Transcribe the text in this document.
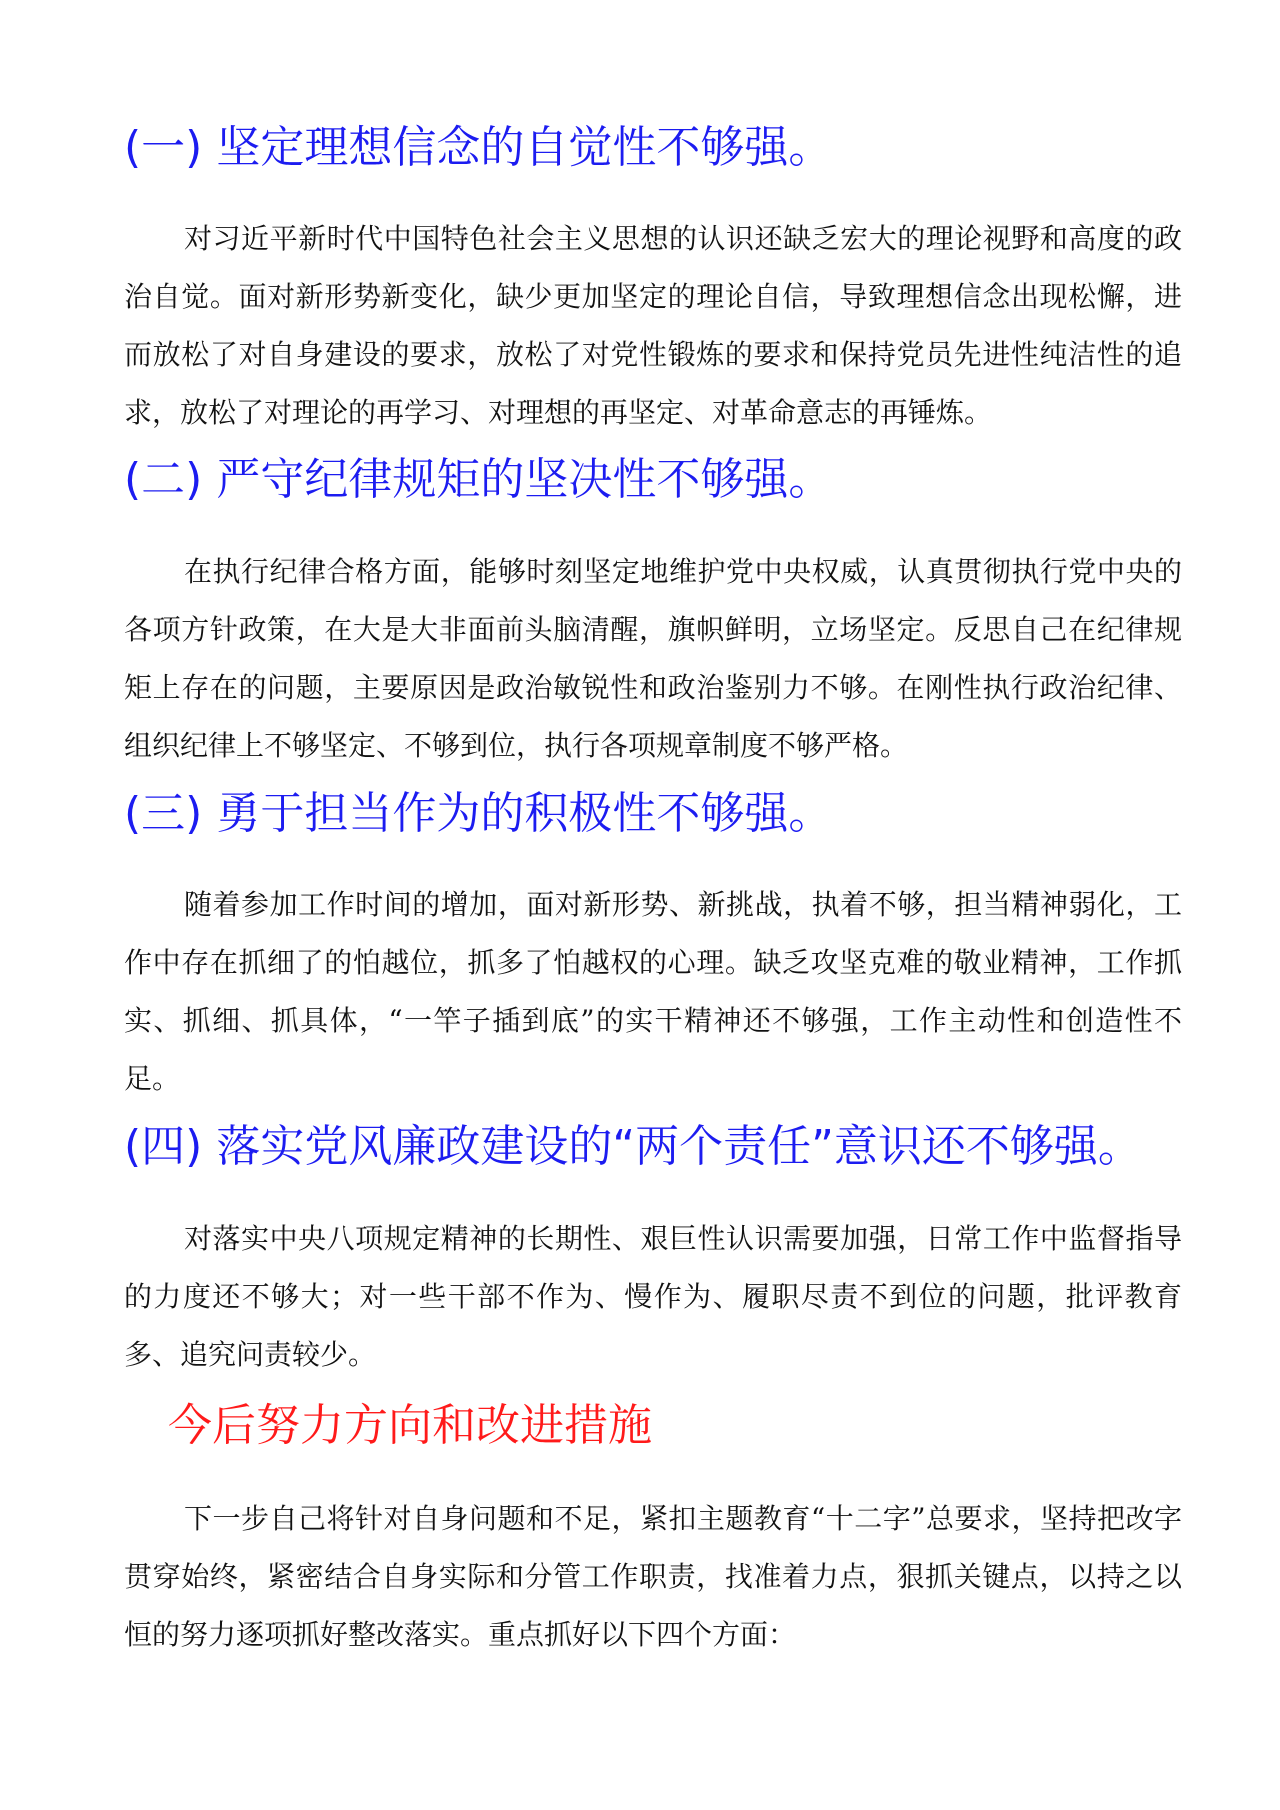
(一) 坚定理想信念的自觉性不够强。

对习近平新时代中国特色社会主义思想的认识还缺乏宏大的理论视野和高度的政治自觉。面对新形势新变化，缺少更加坚定的理论自信，导致理想信念出现松懈，进而放松了对自身建设的要求，放松了对党性锻炼的要求和保持党员先进性纯洁性的追求，放松了对理论的再学习、对理想的再坚定、对革命意志的再锤炼。

(二) 严守纪律规矩的坚决性不够强。

在执行纪律合格方面，能够时刻坚定地维护党中央权威，认真贯彻执行党中央的各项方针政策，在大是大非面前头脑清醒，旗帜鲜明，立场坚定。反思自己在纪律规矩上存在的问题，主要原因是政治敏锐性和政治鉴别力不够。在刚性执行政治纪律、组织纪律上不够坚定、不够到位，执行各项规章制度不够严格。

(三) 勇于担当作为的积极性不够强。

随着参加工作时间的增加，面对新形势、新挑战，执着不够，担当精神弱化，工作中存在抓细了的怕越位，抓多了怕越权的心理。缺乏攻坚克难的敬业精神，工作抓实、抓细、抓具体，“一竿子插到底”的实干精神还不够强，工作主动性和创造性不足。

(四) 落实党风廉政建设的“两个责任”意识还不够强。

对落实中央八项规定精神的长期性、艰巨性认识需要加强，日常工作中监督指导的力度还不够大；对一些干部不作为、慢作为、履职尽责不到位的问题，批评教育多、追究问责较少。

今后努力方向和改进措施

下一步自己将针对自身问题和不足，紧扣主题教育“十二字”总要求，坚持把改字贯穿始终，紧密结合自身实际和分管工作职责，找准着力点，狠抓关键点，以持之以恒的努力逐项抓好整改落实。重点抓好以下四个方面：
